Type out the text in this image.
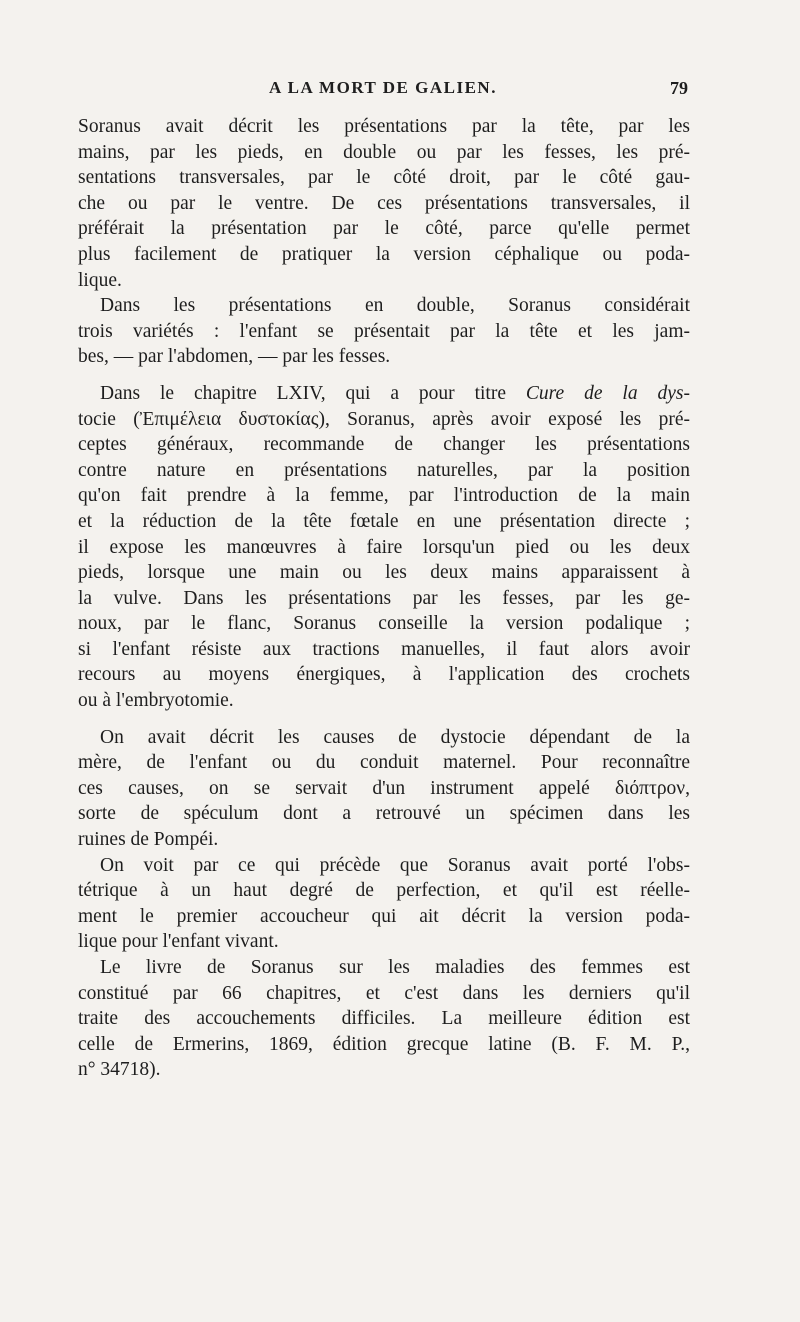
A LA MORT DE GALIEN.	79
Soranus avait décrit les présentations par la tête, par les
mains, par les pieds, en double ou par les fesses, les pré-
sentations transversales, par le côté droit, par le côté gau-
che ou par le ventre. De ces présentations transversales, il
préférait la présentation par le côté, parce qu'elle permet
plus facilement de pratiquer la version céphalique ou poda-
lique.
Dans les présentations en double, Soranus considérait
trois variétés : l'enfant se présentait par la tête et les jam-
bes, — par l'abdomen, — par les fesses.
Dans le chapitre LXIV, qui a pour titre Cure de la dys-
tocie (Ἐπιμέλεια δυστοκίας), Soranus, après avoir exposé les pré-
ceptes généraux, recommande de changer les présentations
contre nature en présentations naturelles, par la position
qu'on fait prendre à la femme, par l'introduction de la main
et la réduction de la tête fœtale en une présentation directe ;
il expose les manœuvres à faire lorsqu'un pied ou les deux
pieds, lorsque une main ou les deux mains apparaissent à
la vulve. Dans les présentations par les fesses, par les ge-
noux, par le flanc, Soranus conseille la version podalique ;
si l'enfant résiste aux tractions manuelles, il faut alors avoir
recours au moyens énergiques, à l'application des crochets
ou à l'embryotomie.
On avait décrit les causes de dystocie dépendant de la
mère, de l'enfant ou du conduit maternel. Pour reconnaître
ces causes, on se servait d'un instrument appelé διόπτρον,
sorte de spéculum dont a retrouvé un spécimen dans les
ruines de Pompéi.
On voit par ce qui précède que Soranus avait porté l'obs-
tétrique à un haut degré de perfection, et qu'il est réelle-
ment le premier accoucheur qui ait décrit la version poda-
lique pour l'enfant vivant.
Le livre de Soranus sur les maladies des femmes est
constitué par 66 chapitres, et c'est dans les derniers qu'il
traite des accouchements difficiles. La meilleure édition est
celle de Ermerins, 1869, édition grecque latine (B. F. M. P.,
n° 34718).
